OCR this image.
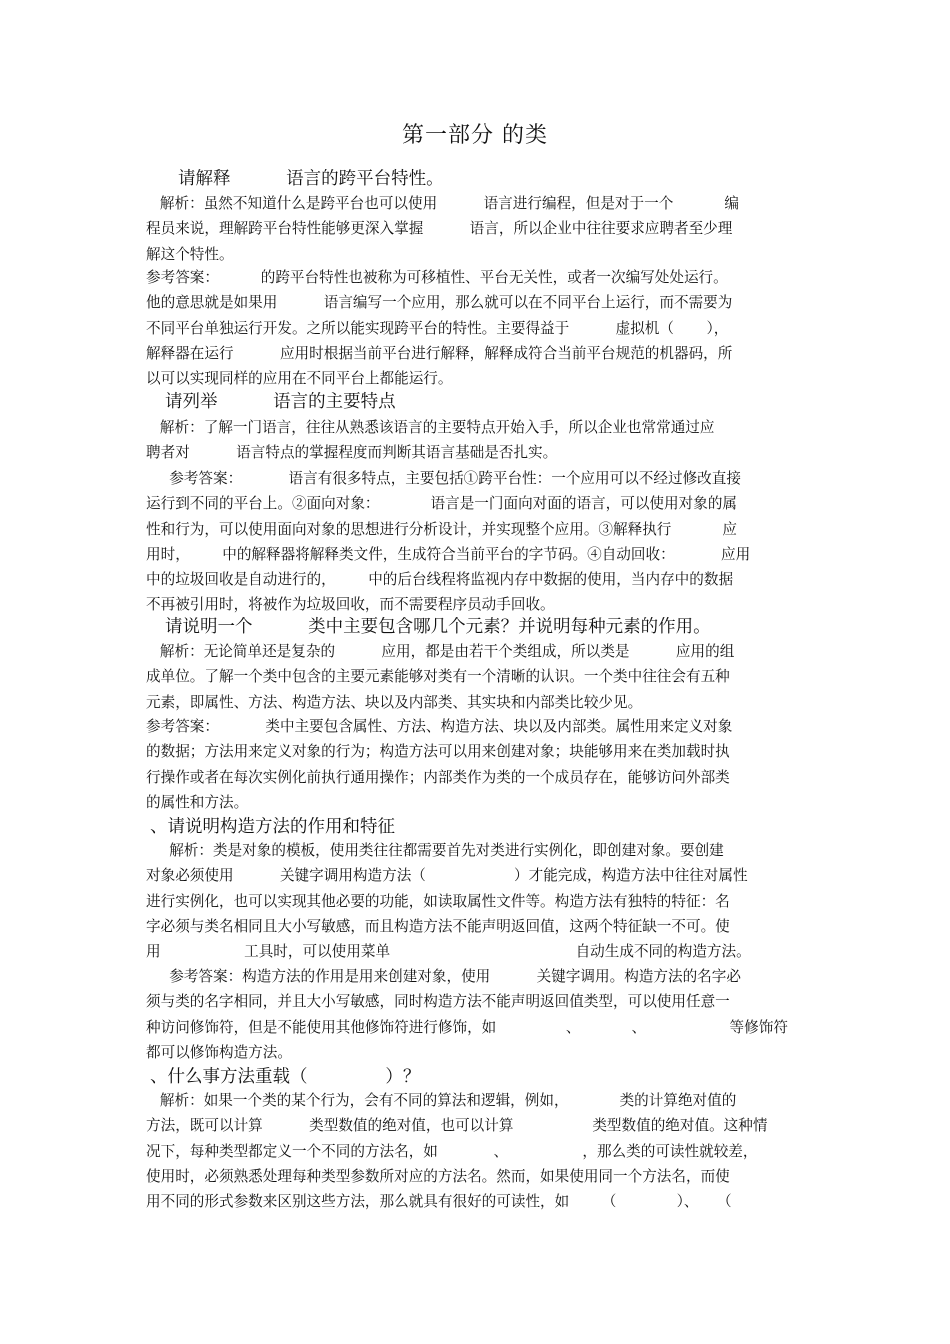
第一部分 的类
请解释          语言的跨平台特性。
解析：虽然不知道什么是跨平台也可以使用          语言进行编程，但是对于一个           编
程员来说，理解跨平台特性能够更深入掌握          语言，所以企业中往往要求应聘者至少理
解这个特性。
参考答案：         的跨平台特性也被称为可移植性、平台无关性，或者一次编写处处运行。
他的意思就是如果用          语言编写一个应用，那么就可以在不同平台上运行，而不需要为
不同平台单独运行开发。之所以能实现跨平台的特性。主要得益于          虚拟机（       ），
解释器在运行          应用时根据当前平台进行解释，解释成符合当前平台规范的机器码，所
以可以实现同样的应用在不同平台上都能运行。
请列举          语言的主要特点
解析：了解一门语言，往往从熟悉该语言的主要特点开始入手，所以企业也常常通过应
聘者对          语言特点的掌握程度而判断其语言基础是否扎实。
参考答案：          语言有很多特点，主要包括①跨平台性：一个应用可以不经过修改直接
运行到不同的平台上。②面向对象：           语言是一门面向对面的语言，可以使用对象的属
性和行为，可以使用面向对象的思想进行分析设计，并实现整个应用。③解释执行           应
用时，       中的解释器将解释类文件，生成符合当前平台的字节码。④自动回收：          应用
中的垃圾回收是自动进行的，       中的后台线程将监视内存中数据的使用，当内存中的数据
不再被引用时，将被作为垃圾回收，而不需要程序员动手回收。
请说明一个          类中主要包含哪几个元素？并说明每种元素的作用。
解析：无论简单还是复杂的          应用，都是由若干个类组成，所以类是          应用的组
成单位。了解一个类中包含的主要元素能够对类有一个清晰的认识。一个类中往往会有五种
元素，即属性、方法、构造方法、块以及内部类、其实块和内部类比较少见。
参考答案：          类中主要包含属性、方法、构造方法、块以及内部类。属性用来定义对象
的数据；方法用来定义对象的行为；构造方法可以用来创建对象；块能够用来在类加载时执
行操作或者在每次实例化前执行通用操作；内部类作为类的一个成员存在，能够访问外部类
的属性和方法。
、请说明构造方法的作用和特征
解析：类是对象的模板，使用类往往都需要首先对类进行实例化，即创建对象。要创建
对象必须使用          关键字调用构造方法（                   ）才能完成，构造方法中往往对属性
进行实例化，也可以实现其他必要的功能，如读取属性文件等。构造方法有独特的特征：名
字必须与类名相同且大小写敏感，而且构造方法不能声明返回值，这两个特征缺一不可。使
用                  工具时，可以使用菜单                                        自动生成不同的构造方法。
参考答案：构造方法的作用是用来创建对象，使用          关键字调用。构造方法的名字必
须与类的名字相同，并且大小写敏感，同时构造方法不能声明返回值类型，可以使用任意一
种访问修饰符，但是不能使用其他修饰符进行修饰，如               、           、                  等修饰符
都可以修饰构造方法。
、什么事方法重载（              ）？
解析：如果一个类的某个行为，会有不同的算法和逻辑，例如，           类的计算绝对值的
方法，既可以计算          类型数值的绝对值，也可以计算                 类型数值的绝对值。这种情
况下，每种类型都定义一个不同的方法名，如            、                ，那么类的可读性就较差，
使用时，必须熟悉处理每种类型参数所对应的方法名。然而，如果使用同一个方法名，而使
用不同的形式参数来区别这些方法，那么就具有很好的可读性，如       （             ）、    （
